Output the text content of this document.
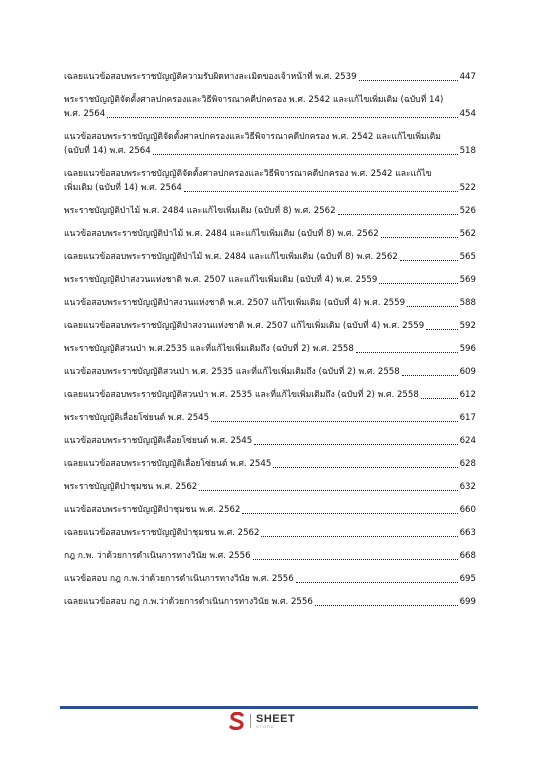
เฉลยแนวข้อสอบพระราชบัญญัติความรับผิดทางละเมิดของเจ้าหน้าที่ พ.ศ. 2539	447
พระราชบัญญัติจัดตั้งศาลปกครองและวิธีพิจารณาคดีปกครอง พ.ศ. 2542 และแก้ไขเพิ่มเติม (ฉบับที่ 14)
พ.ศ. 2564	454
แนวข้อสอบพระราชบัญญัติจัดตั้งศาลปกครองและวิธีพิจารณาคดีปกครอง พ.ศ. 2542 และแก้ไขเพิ่มเติม
(ฉบับที่ 14) พ.ศ. 2564	518
เฉลยแนวข้อสอบพระราชบัญญัติจัดตั้งศาลปกครองและวิธีพิจารณาคดีปกครอง พ.ศ. 2542 และแก้ไข
เพิ่มเติม (ฉบับที่ 14) พ.ศ. 2564	522
พระราชบัญญัติป่าไม้ พ.ศ. 2484 และแก้ไขเพิ่มเติม (ฉบับที่ 8) พ.ศ. 2562	526
แนวข้อสอบพระราชบัญญัติป่าไม้ พ.ศ. 2484 และแก้ไขเพิ่มเติม (ฉบับที่ 8) พ.ศ. 2562	562
เฉลยแนวข้อสอบพระราชบัญญัติป่าไม้ พ.ศ. 2484 และแก้ไขเพิ่มเติม (ฉบับที่ 8) พ.ศ. 2562	565
พระราชบัญญัติป่าสงวนแห่งชาติ พ.ศ. 2507 และแก้ไขเพิ่มเติม (ฉบับที่ 4) พ.ศ. 2559	569
แนวข้อสอบพระราชบัญญัติป่าสงวนแห่งชาติ พ.ศ. 2507 แก้ไขเพิ่มเติม (ฉบับที่ 4) พ.ศ. 2559	588
เฉลยแนวข้อสอบพระราชบัญญัติป่าสงวนแห่งชาติ พ.ศ. 2507 แก้ไขเพิ่มเติม (ฉบับที่ 4) พ.ศ. 2559	592
พระราชบัญญัติสวนป่า พ.ศ.2535 และที่แก้ไขเพิ่มเติมถึง (ฉบับที่ 2) พ.ศ. 2558	596
แนวข้อสอบพระราชบัญญัติสวนป่า พ.ศ. 2535 และที่แก้ไขเพิ่มเติมถึง (ฉบับที่ 2) พ.ศ. 2558	609
เฉลยแนวข้อสอบพระราชบัญญัติสวนป่า พ.ศ. 2535 และที่แก้ไขเพิ่มเติมถึง (ฉบับที่ 2) พ.ศ. 2558	612
พระราชบัญญัติเลื่อยโซ่ยนต์ พ.ศ. 2545	617
แนวข้อสอบพระราชบัญญัติเลื่อยโซ่ยนต์ พ.ศ. 2545	624
เฉลยแนวข้อสอบพระราชบัญญัติเลื่อยโซ่ยนต์ พ.ศ. 2545	628
พระราชบัญญัติป่าชุมชน พ.ศ. 2562	632
แนวข้อสอบพระราชบัญญัติป่าชุมชน พ.ศ. 2562	660
เฉลยแนวข้อสอบพระราชบัญญัติป่าชุมชน พ.ศ. 2562	663
กฎ ก.พ. ว่าด้วยการดำเนินการทางวินัย พ.ศ. 2556	668
แนวข้อสอบ กฎ ก.พ.ว่าด้วยการดำเนินการทางวินัย พ.ศ. 2556	695
เฉลยแนวข้อสอบ กฎ ก.พ.ว่าด้วยการดำเนินการทางวินัย พ.ศ. 2556	699
SHEET
STORE
